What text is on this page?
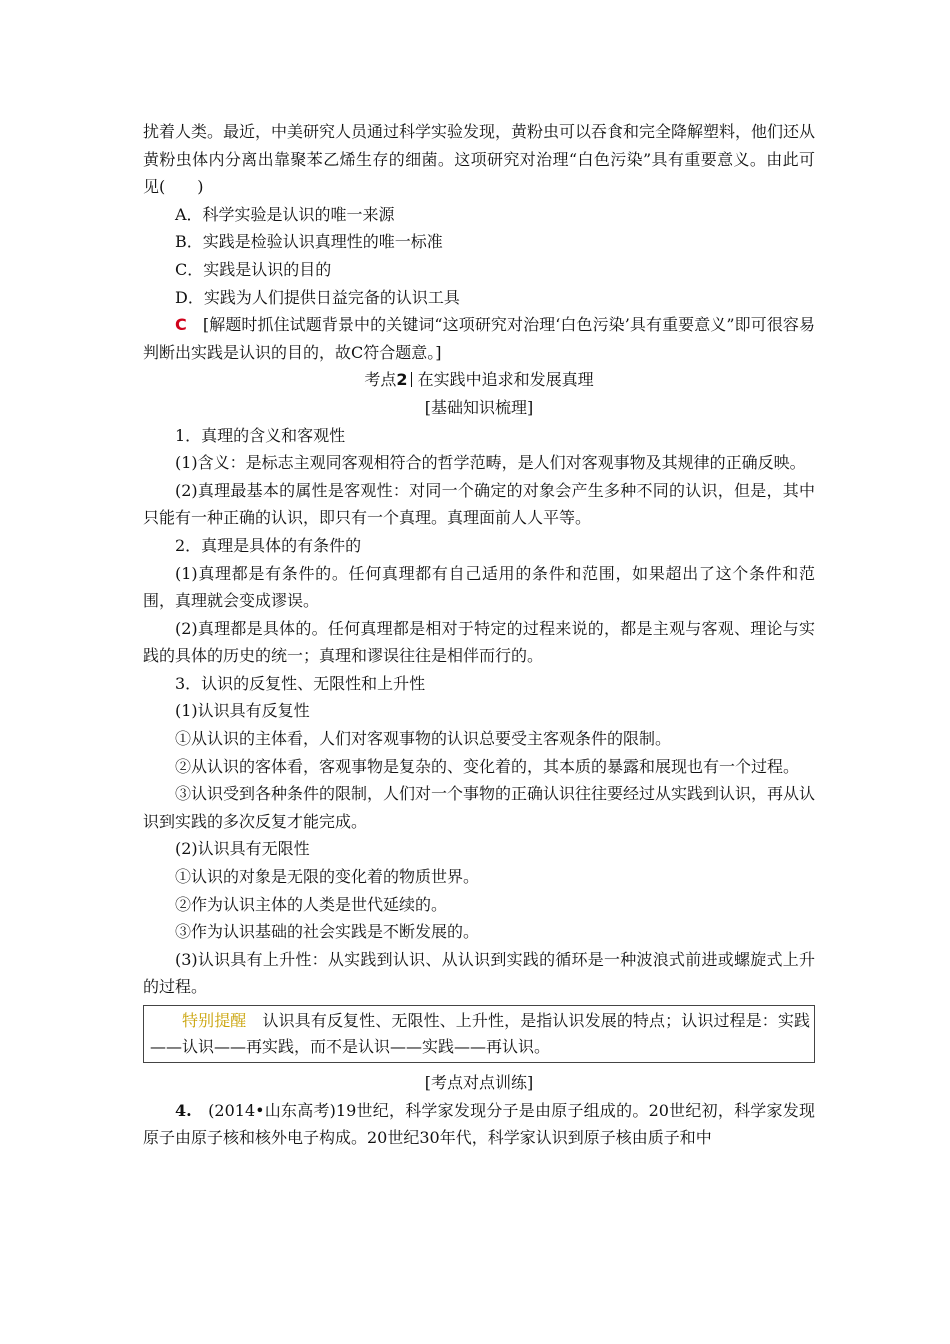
扰着人类。最近，中美研究人员通过科学实验发现，黄粉虫可以吞食和完全降解塑料，他们还从黄粉虫体内分离出靠聚苯乙烯生存的细菌。这项研究对治理“白色污染”具有重要意义。由此可见(　　)

A．科学实验是认识的唯一来源

B．实践是检验认识真理性的唯一标准

C．实践是认识的目的

D．实践为人们提供日益完备的认识工具

C　 [解题时抓住试题背景中的关键词“这项研究对治理‘白色污染’具有重要意义”即可很容易判断出实践是认识的目的，故C符合题意。]

考点2 在实践中追求和发展真理

[基础知识梳理]

1．真理的含义和客观性

(1)含义：是标志主观同客观相符合的哲学范畴，是人们对客观事物及其规律的正确反映。

(2)真理最基本的属性是客观性：对同一个确定的对象会产生多种不同的认识，但是，其中只能有一种正确的认识，即只有一个真理。真理面前人人平等。

2．真理是具体的有条件的

(1)真理都是有条件的。任何真理都有自己适用的条件和范围，如果超出了这个条件和范围，真理就会变成谬误。

(2)真理都是具体的。任何真理都是相对于特定的过程来说的，都是主观与客观、理论与实践的具体的历史的统一；真理和谬误往往是相伴而行的。

3．认识的反复性、无限性和上升性

(1)认识具有反复性

①从认识的主体看，人们对客观事物的认识总要受主客观条件的限制。

②从认识的客体看，客观事物是复杂的、变化着的，其本质的暴露和展现也有一个过程。

③认识受到各种条件的限制，人们对一个事物的正确认识往往要经过从实践到认识，再从认识到实践的多次反复才能完成。

(2)认识具有无限性

①认识的对象是无限的变化着的物质世界。

②作为认识主体的人类是世代延续的。

③作为认识基础的社会实践是不断发展的。

(3)认识具有上升性：从实践到认识、从认识到实践的循环是一种波浪式前进或螺旋式上升的过程。

特别提醒　 认识具有反复性、无限性、上升性，是指认识发展的特点；认识过程是：实践——认识——再实践，而不是认识——实践——再认识。

[考点对点训练]

4.　 (2014•山东高考)19世纪，科学家发现分子是由原子组成的。20世纪初，科学家发现原子由原子核和核外电子构成。20世纪30年代，科学家认识到原子核由质子和中
